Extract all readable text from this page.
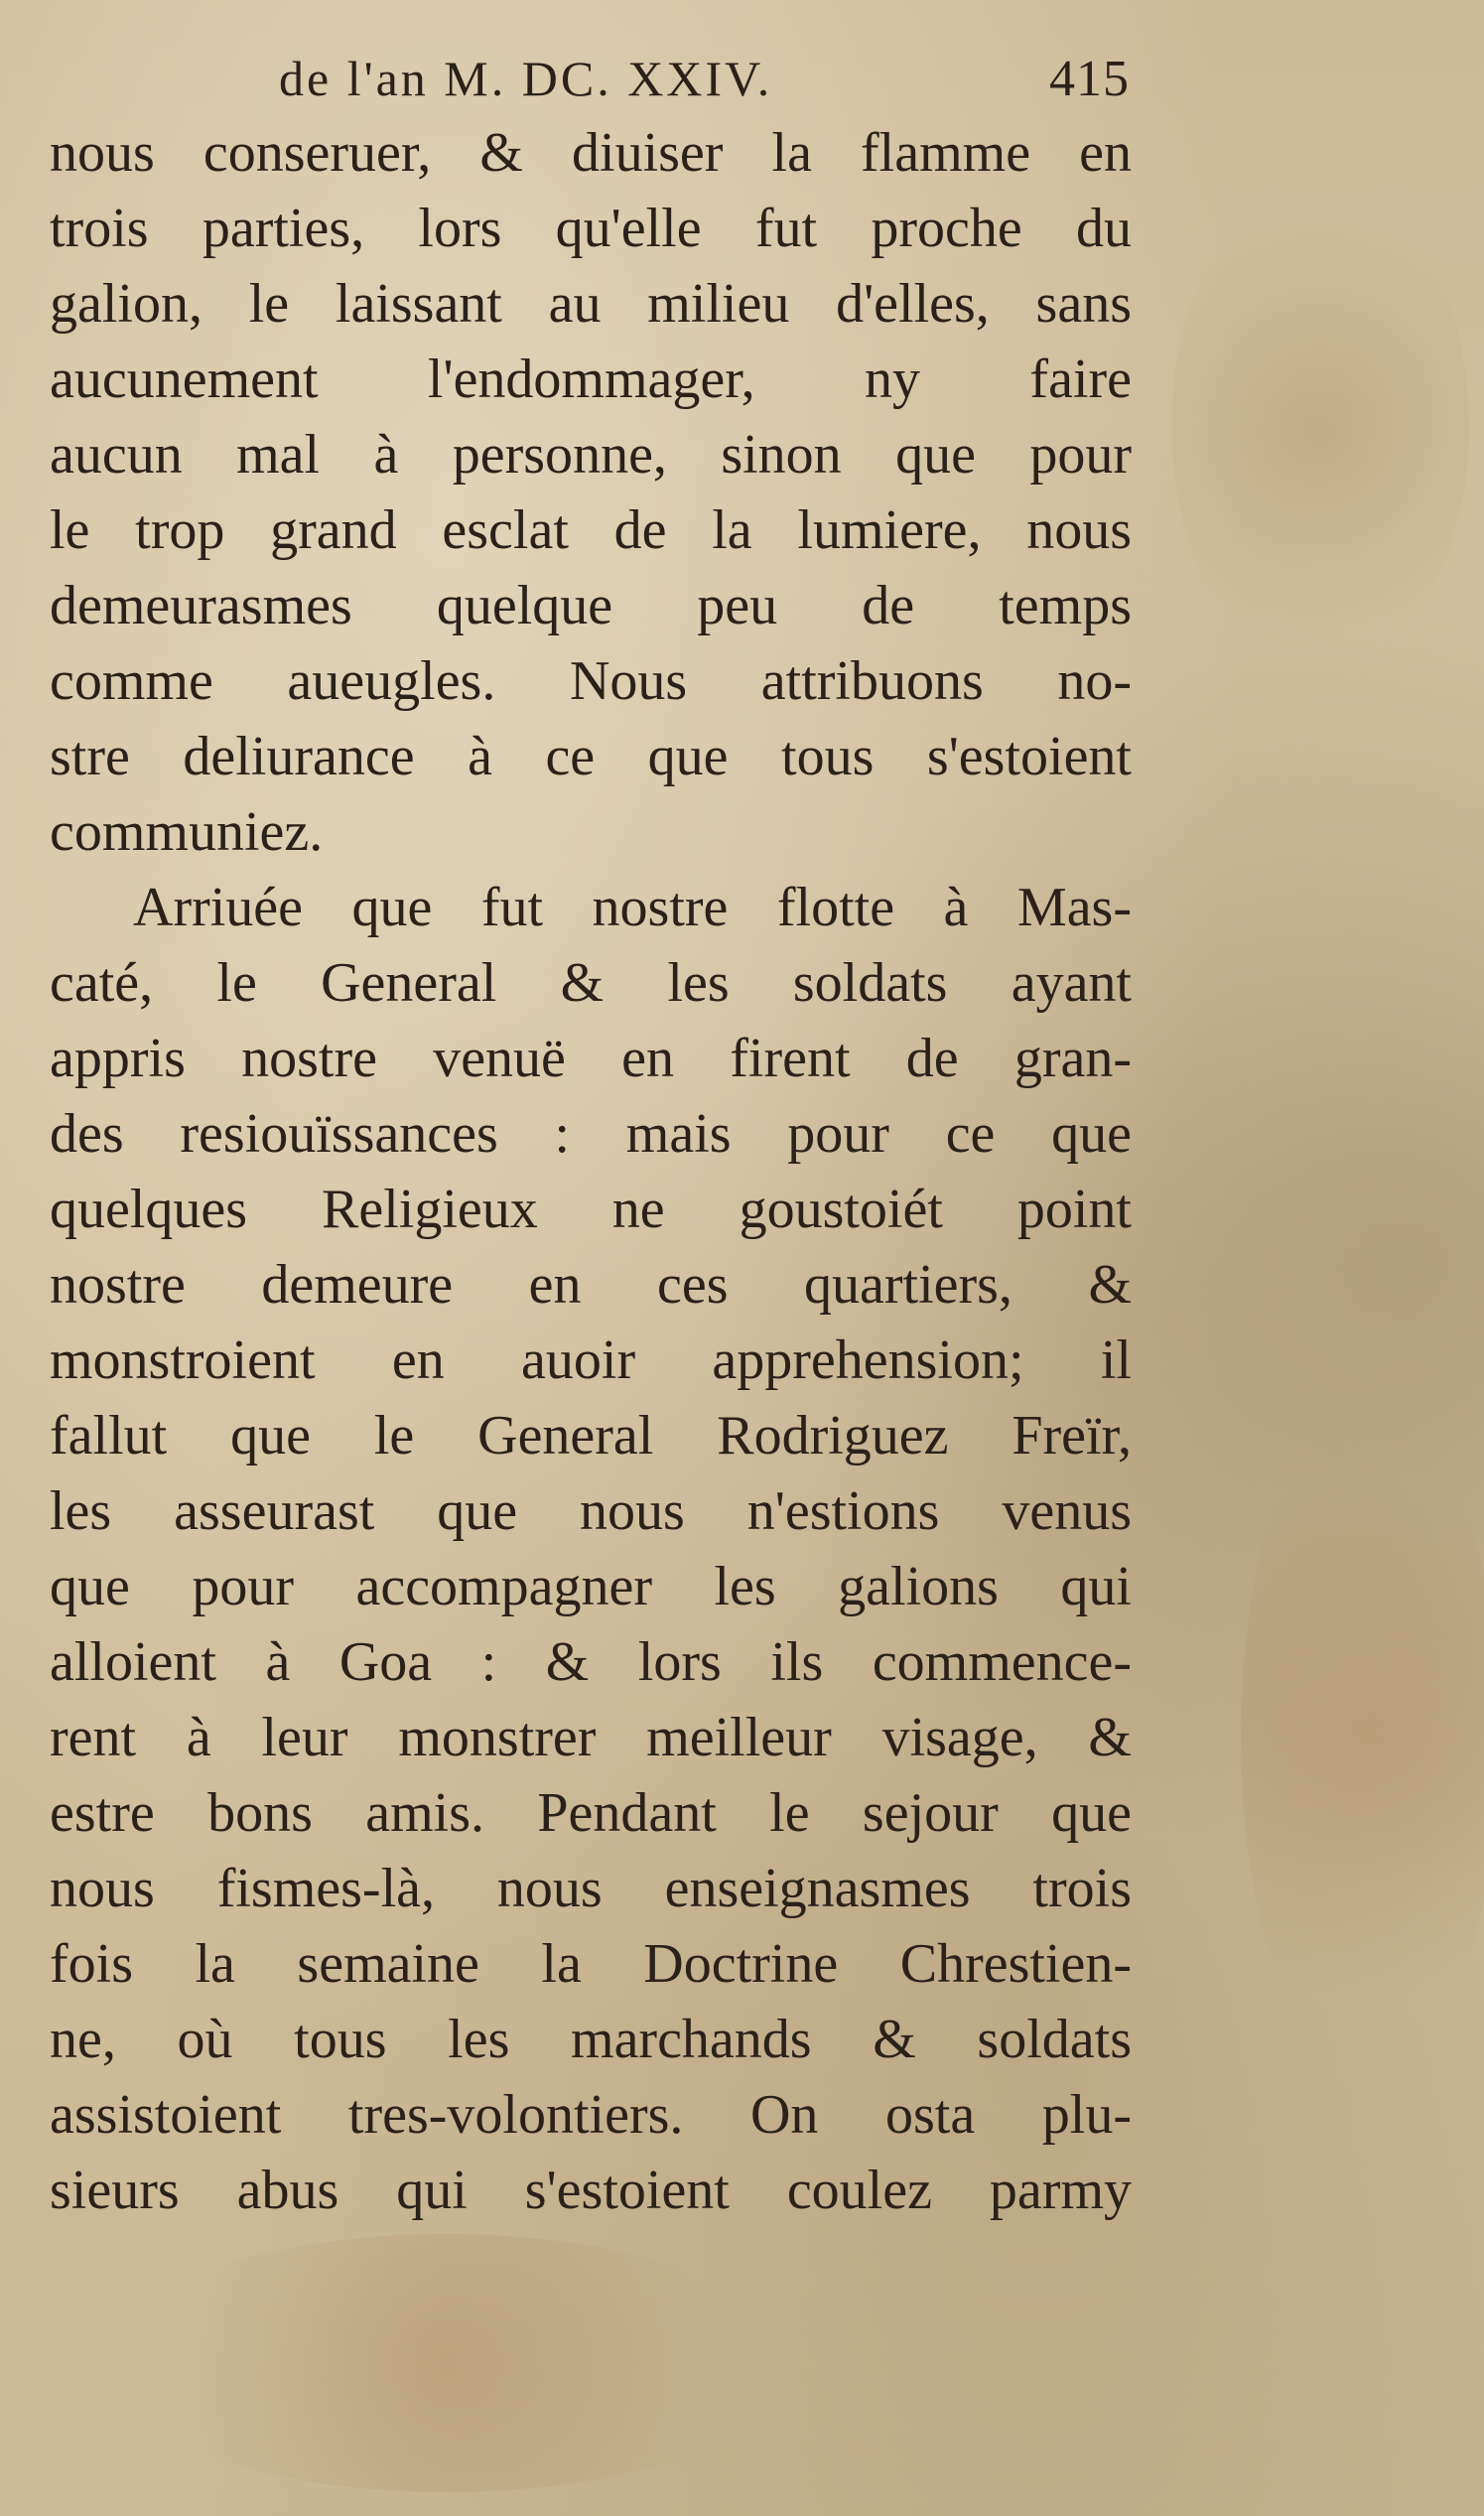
de l'an M. DC. XXIV.	415
nous conseruer, & diuiser la flamme en
trois parties, lors qu'elle fut proche du
galion, le laissant au milieu d'elles, sans
aucunement l'endommager, ny faire
aucun mal à personne, sinon que pour
le trop grand esclat de la lumiere, nous
demeurasmes quelque peu de temps
comme aueugles. Nous attribuons no-
stre deliurance à ce que tous s'estoient
communiez.
Arriuée que fut nostre flotte à Mas-
caté, le General & les soldats ayant
appris nostre venuë en firent de gran-
des resiouïssances : mais pour ce que
quelques Religieux ne goustoiét point
nostre demeure en ces quartiers, &
monstroient en auoir apprehension; il
fallut que le General Rodriguez Freïr,
les asseurast que nous n'estions venus
que pour accompagner les galions qui
alloient à Goa : & lors ils commence-
rent à leur monstrer meilleur visage, &
estre bons amis. Pendant le sejour que
nous fismes-là, nous enseignasmes trois
fois la semaine la Doctrine Chrestien-
ne, où tous les marchands & soldats
assistoient tres-volontiers. On osta plu-
sieurs abus qui s'estoient coulez parmy
